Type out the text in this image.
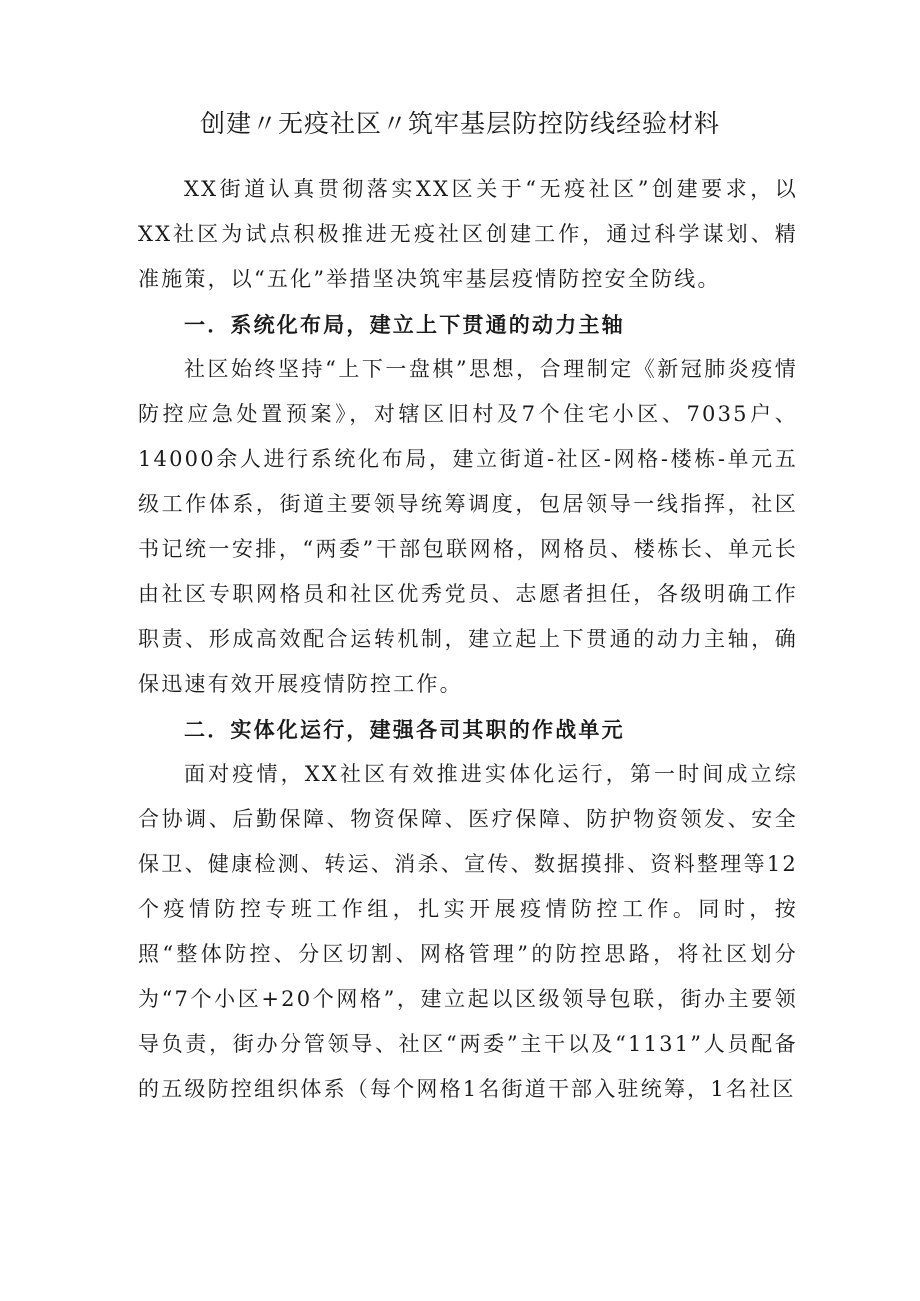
创建〃无疫社区〃筑牢基层防控防线经验材料

XX街道认真贯彻落实XX区关于“无疫社区”创建要求，以XX社区为试点积极推进无疫社区创建工作，通过科学谋划、精准施策，以“五化”举措坚决筑牢基层疫情防控安全防线。

一．系统化布局，建立上下贯通的动力主轴

社区始终坚持“上下一盘棋”思想，合理制定《新冠肺炎疫情防控应急处置预案》，对辖区旧村及7个住宅小区、7035户、14000余人进行系统化布局，建立街道-社区-网格-楼栋-单元五级工作体系，街道主要领导统筹调度，包居领导一线指挥，社区书记统一安排，“两委”干部包联网格，网格员、楼栋长、单元长由社区专职网格员和社区优秀党员、志愿者担任，各级明确工作职责、形成高效配合运转机制，建立起上下贯通的动力主轴，确保迅速有效开展疫情防控工作。

二．实体化运行，建强各司其职的作战单元

面对疫情，XX社区有效推进实体化运行，第一时间成立综合协调、后勤保障、物资保障、医疗保障、防护物资领发、安全保卫、健康检测、转运、消杀、宣传、数据摸排、资料整理等12个疫情防控专班工作组，扎实开展疫情防控工作。同时，按照“整体防控、分区切割、网格管理”的防控思路，将社区划分为“7个小区+20个网格”，建立起以区级领导包联，街办主要领导负责，街办分管领导、社区“两委”主干以及“1131”人员配备的五级防控组织体系（每个网格1名街道干部入驻统筹，1名社区
